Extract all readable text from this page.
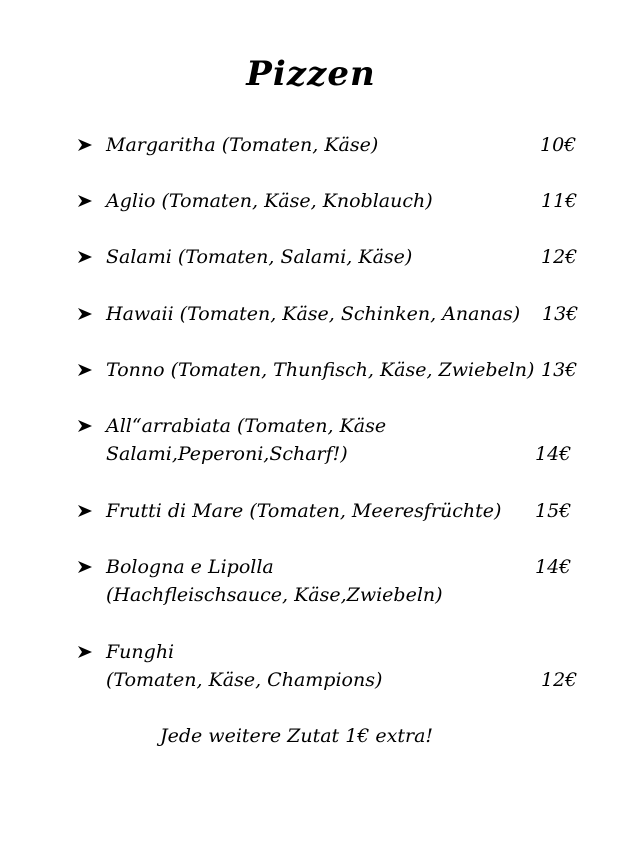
Pizzen
Margaritha (Tomaten, Käse)	10€
Aglio (Tomaten, Käse, Knoblauch)	11€
Salami (Tomaten, Salami, Käse)	12€
Hawaii (Tomaten, Käse, Schinken, Ananas) 13€
Tonno (Tomaten, Thunfisch, Käse, Zwiebeln) 13€
All“arrabiata (Tomaten, Käse
Salami,Peperoni,Scharf!)	14€
Frutti di Mare (Tomaten, Meeresfrüchte) 15€
Bologna e Lipolla
(Hachfleischsauce, Käse,Zwiebeln)
14€
Funghi
(Tomaten, Käse, Champions)	12€
Jede weitere Zutat 1€ extra!
